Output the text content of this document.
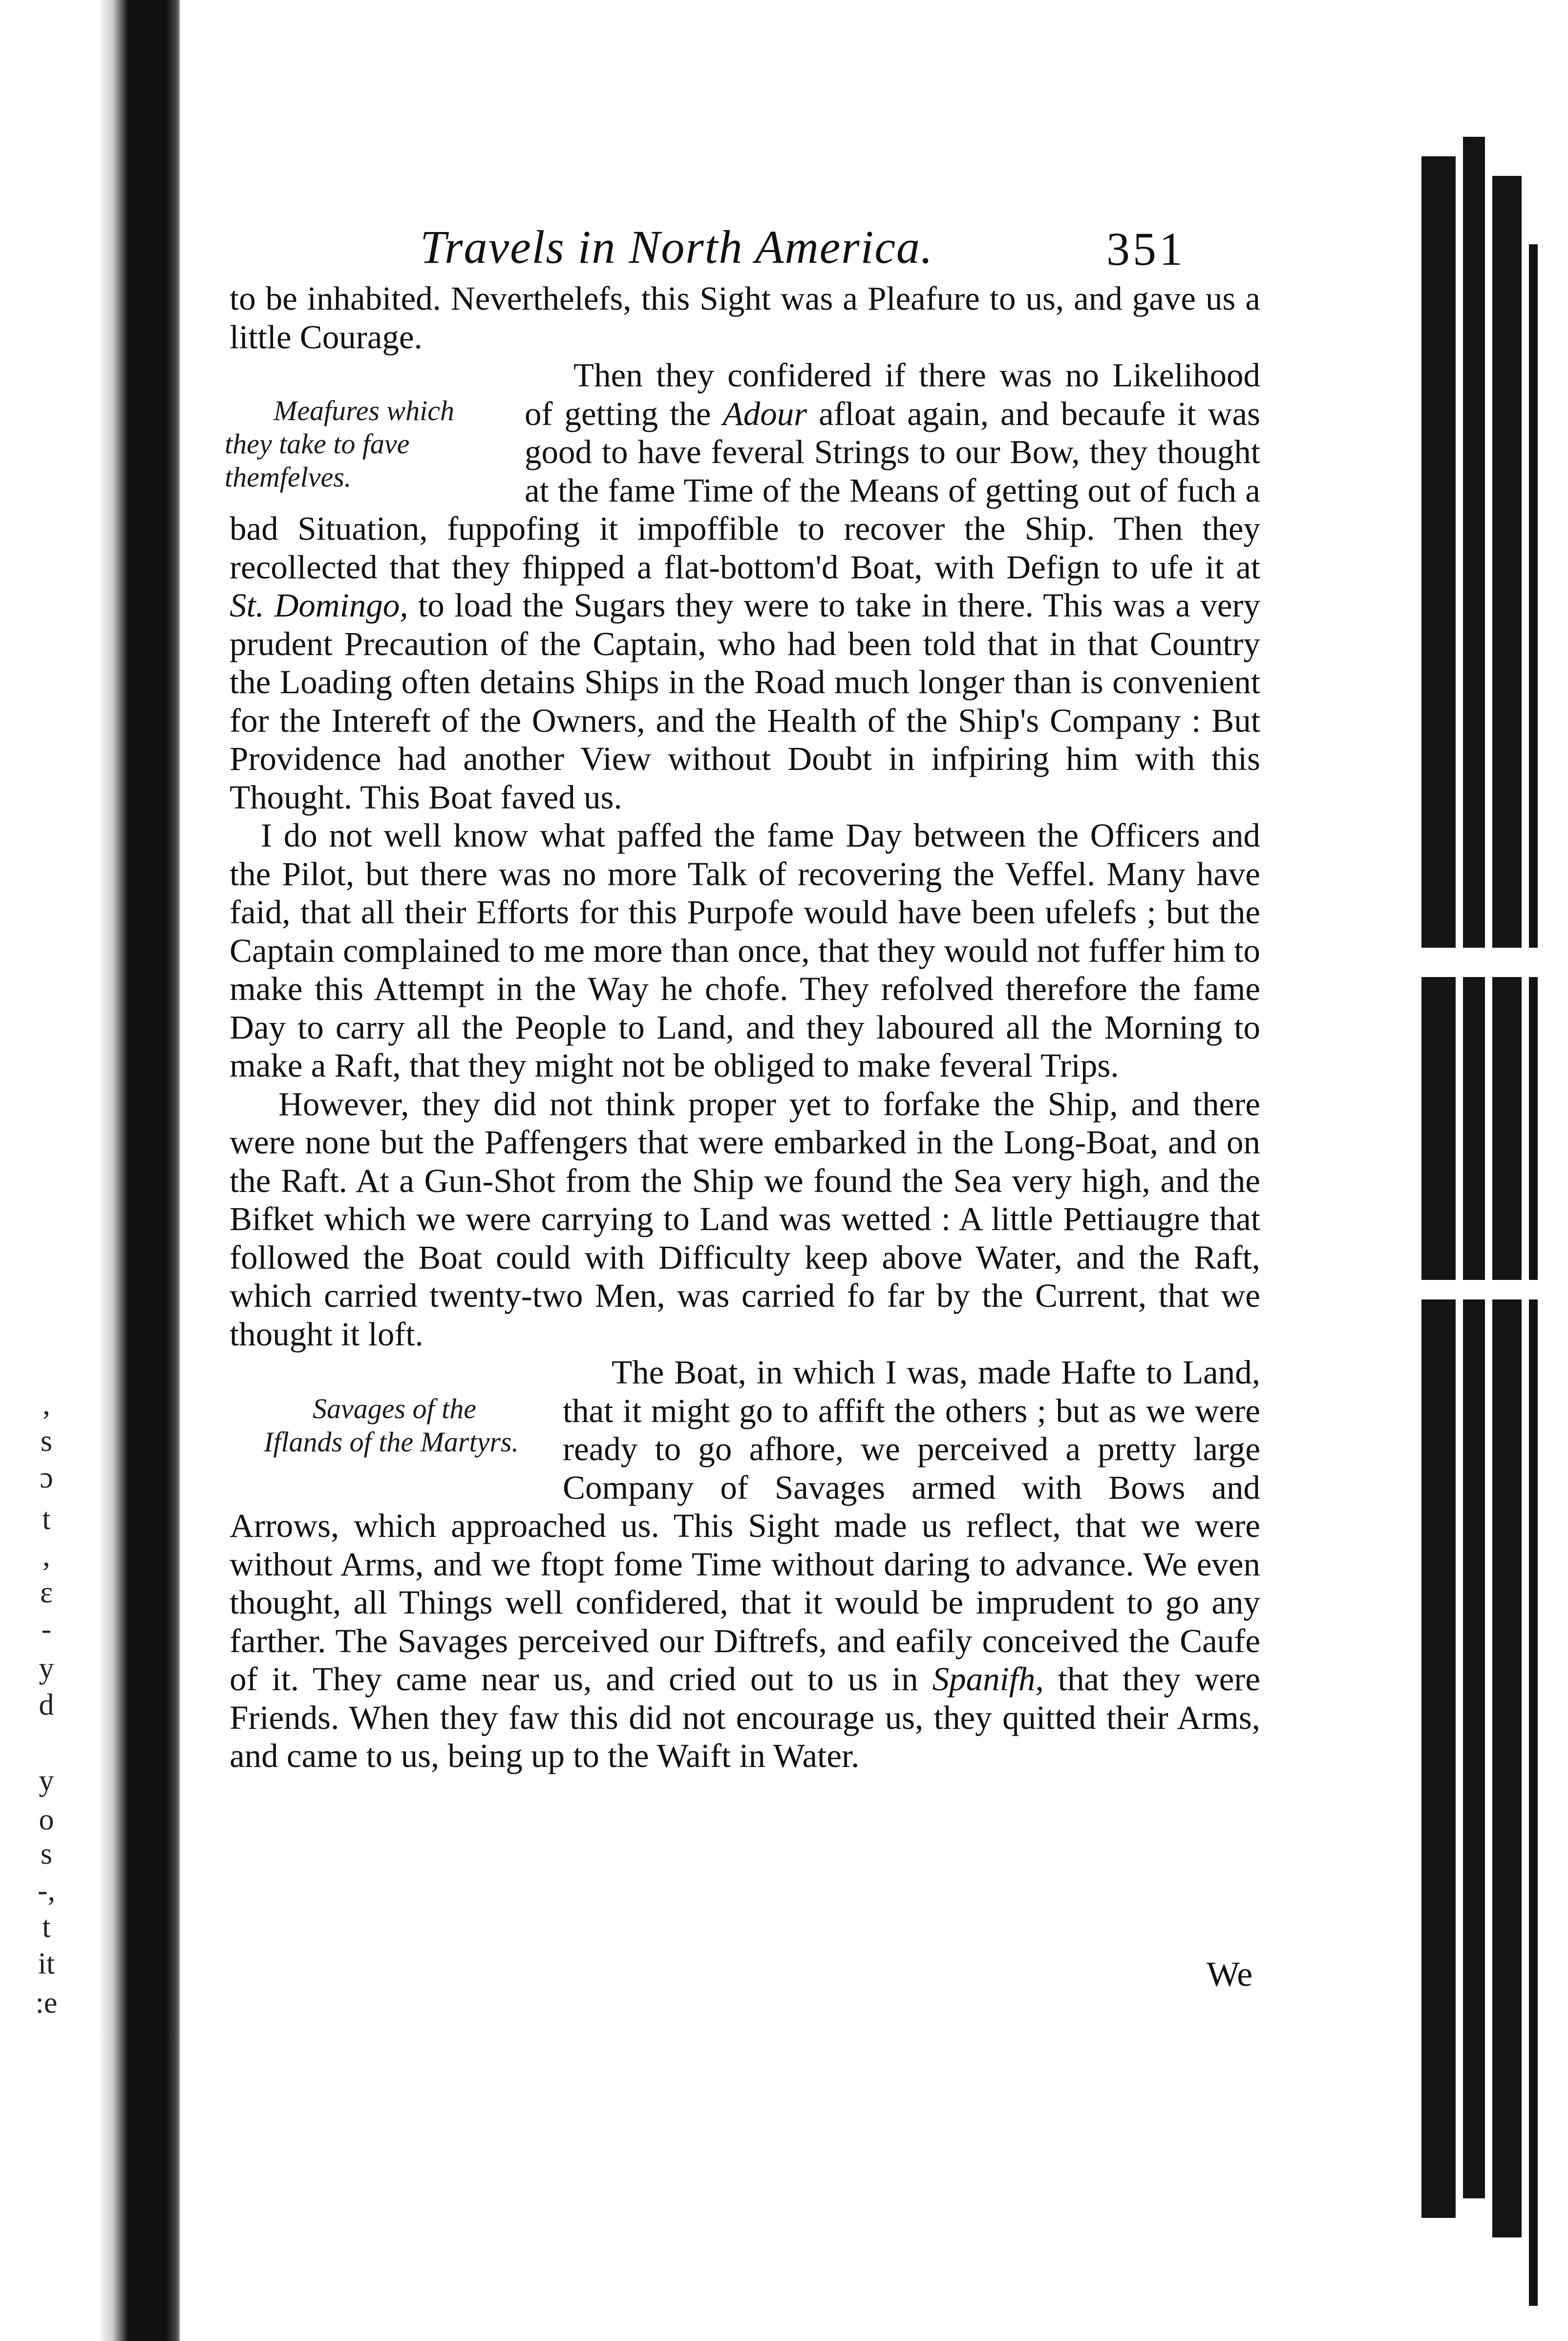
Travels in North America.	351

to be inhabited. Neverthelefs, this Sight was a Pleafure to us, and gave us a little Courage.

Meafures which they take to fave themfelves.
Then they confidered if there was no Likelihood of getting the Adour afloat again, and becaufe it was good to have feveral Strings to our Bow, they thought at the fame Time of the Means of getting out of fuch a bad Situation, fuppofing it impoffible to recover the Ship. Then they recollected that they fhipped a flat-bottom'd Boat, with Defign to ufe it at St. Domingo, to load the Sugars they were to take in there. This was a very prudent Precaution of the Captain, who had been told that in that Country the Loading often detains Ships in the Road much longer than is convenient for the Intereft of the Owners, and the Health of the Ship's Company : But Providence had another View without Doubt in infpiring him with this Thought. This Boat faved us.

I do not well know what paffed the fame Day between the Officers and the Pilot, but there was no more Talk of recovering the Veffel. Many have faid, that all their Efforts for this Purpofe would have been ufelefs ; but the Captain complained to me more than once, that they would not fuffer him to make this Attempt in the Way he chofe. They refolved therefore the fame Day to carry all the People to Land, and they laboured all the Morning to make a Raft, that they might not be obliged to make feveral Trips.

However, they did not think proper yet to forfake the Ship, and there were none but the Paffengers that were embarked in the Long-Boat, and on the Raft. At a Gun-Shot from the Ship we found the Sea very high, and the Bifket which we were carrying to Land was wetted : A little Pettiaugre that followed the Boat could with Difficulty keep above Water, and the Raft, which carried twenty-two Men, was carried fo far by the Current, that we thought it loft.

Savages of the Iflands of the Martyrs.
The Boat, in which I was, made Hafte to Land, that it might go to affift the others ; but as we were ready to go afhore, we perceived a pretty large Company of Savages armed with Bows and Arrows, which approached us. This Sight made us reflect, that we were without Arms, and we ftopt fome Time without daring to advance. We even thought, all Things well confidered, that it would be imprudent to go any farther. The Savages perceived our Diftrefs, and eafily conceived the Caufe of it. They came near us, and cried out to us in Spanifh, that they were Friends. When they faw this did not encourage us, they quitted their Arms, and came to us, being up to the Waift in Water.

We
,
s
ɔ
t
,
ɛ
-
y
d
y
o
s
-,
t
it
:e
